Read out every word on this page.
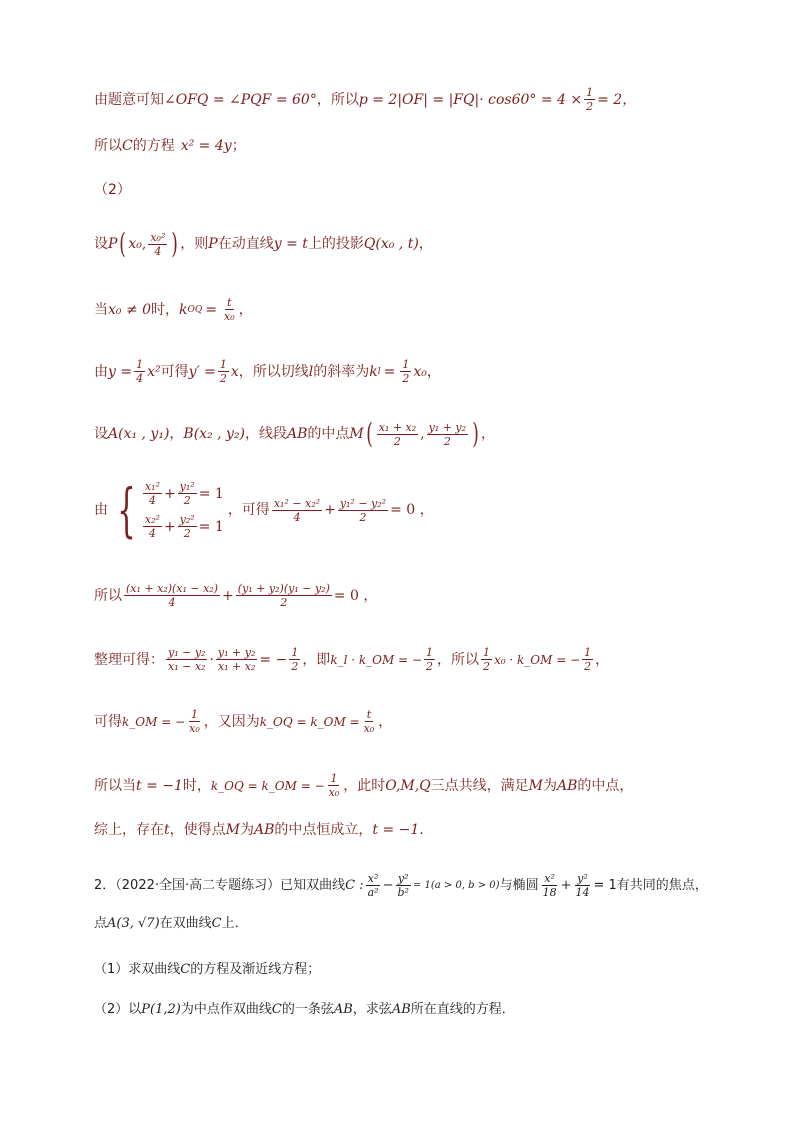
由题意可知 ∠OFQ = ∠PQF = 60° ，所以 $p = 2|OF| = |FQ|\cdot \cos 60^\circ = 4 \times \frac{1}{2} = 2$，
所以 C 的方程 x² = 4y ；
（2）
设 P ( x₀ , $\frac{\text{x₀²}}{4}$ ) ，则 P 在动直线 y = t 上的投影 Q(x₀ , t) ，
当 x₀ ≠ 0 时， k OQ = $\frac{t}{\text{x₀}}$ ，
由 $y = \frac{1}{4} x^2$ 可得 $y' = \frac{1}{2}$ x ，所以切线 l 的斜率为 k $l = \frac{1}{2} x_0$ ，
设 A(x₁ , y₁) ， B(x₂ , y₂) ，线段 AB 的中点 M ( $\frac{\text{x₁ + x₂}}{2}$ , $\frac{\text{y₁ + y₂}}{2}$ ) ，
由 { $\frac{\text{x₁²}}{4} + \frac{\text{y₁²}}{2} = 1$
$\frac{\text{x₂²}}{4} + \frac{\text{y₂²}}{2} = 1$
，可得 $\frac{\text{x₁² − x₂²}}{4} + \frac{\text{y₁² − y₂²}}{2} = 0$ ，
所以 $\frac{\text{(x₁ + x₂)(x₁ − x₂)}}{4} + \frac{\text{(y₁ + y₂)(y₁ − y₂)}}{2} = 0$ ，
整理可得： $\frac{\text{y₁ − y₂}}{\text{x₁ − x₂}} \cdot \frac{\text{y₁ + y₂}}{\text{x₁ + x₂}}$ = − $\frac{1}{2}$ ，即 k_l · k_OM = − $\frac{1}{2}$ ，所以 $\frac{1}{2} x_0$ · k_OM = − $\frac{1}{2}$ ，
可得 k_OM = − $\frac{1}{\text{x₀}}$ ，又因为 k_OQ = k_OM = $\frac{t}{\text{x₀}}$ ，
所以当 t = −1 时， k_OQ = k_OM = − $\frac{1}{\text{x₀}}$ ，此时 O,M,Q 三点共线，满足 M 为 AB 的中点，
综上，存在 t ，使得点 M 为 AB 的中点恒成立， t = −1.
2．（2022·全国·高二专题练习）已知双曲线 C : $\frac{\text{x²}}{\text{a²}} - \frac{\text{y²}}{\text{b²}} = 1(a > 0$, b > 0) 与椭圆 $\frac{\text{x²}}{18} + \frac{\text{y²}}{14} = 1$有共同的焦点，
点 A(3, √7) 在双曲线 C 上．
（1）求双曲线 C 的方程及渐近线方程；
（2）以 P(1,2) 为中点作双曲线 C 的一条弦 AB ，求弦 AB 所在直线的方程．
